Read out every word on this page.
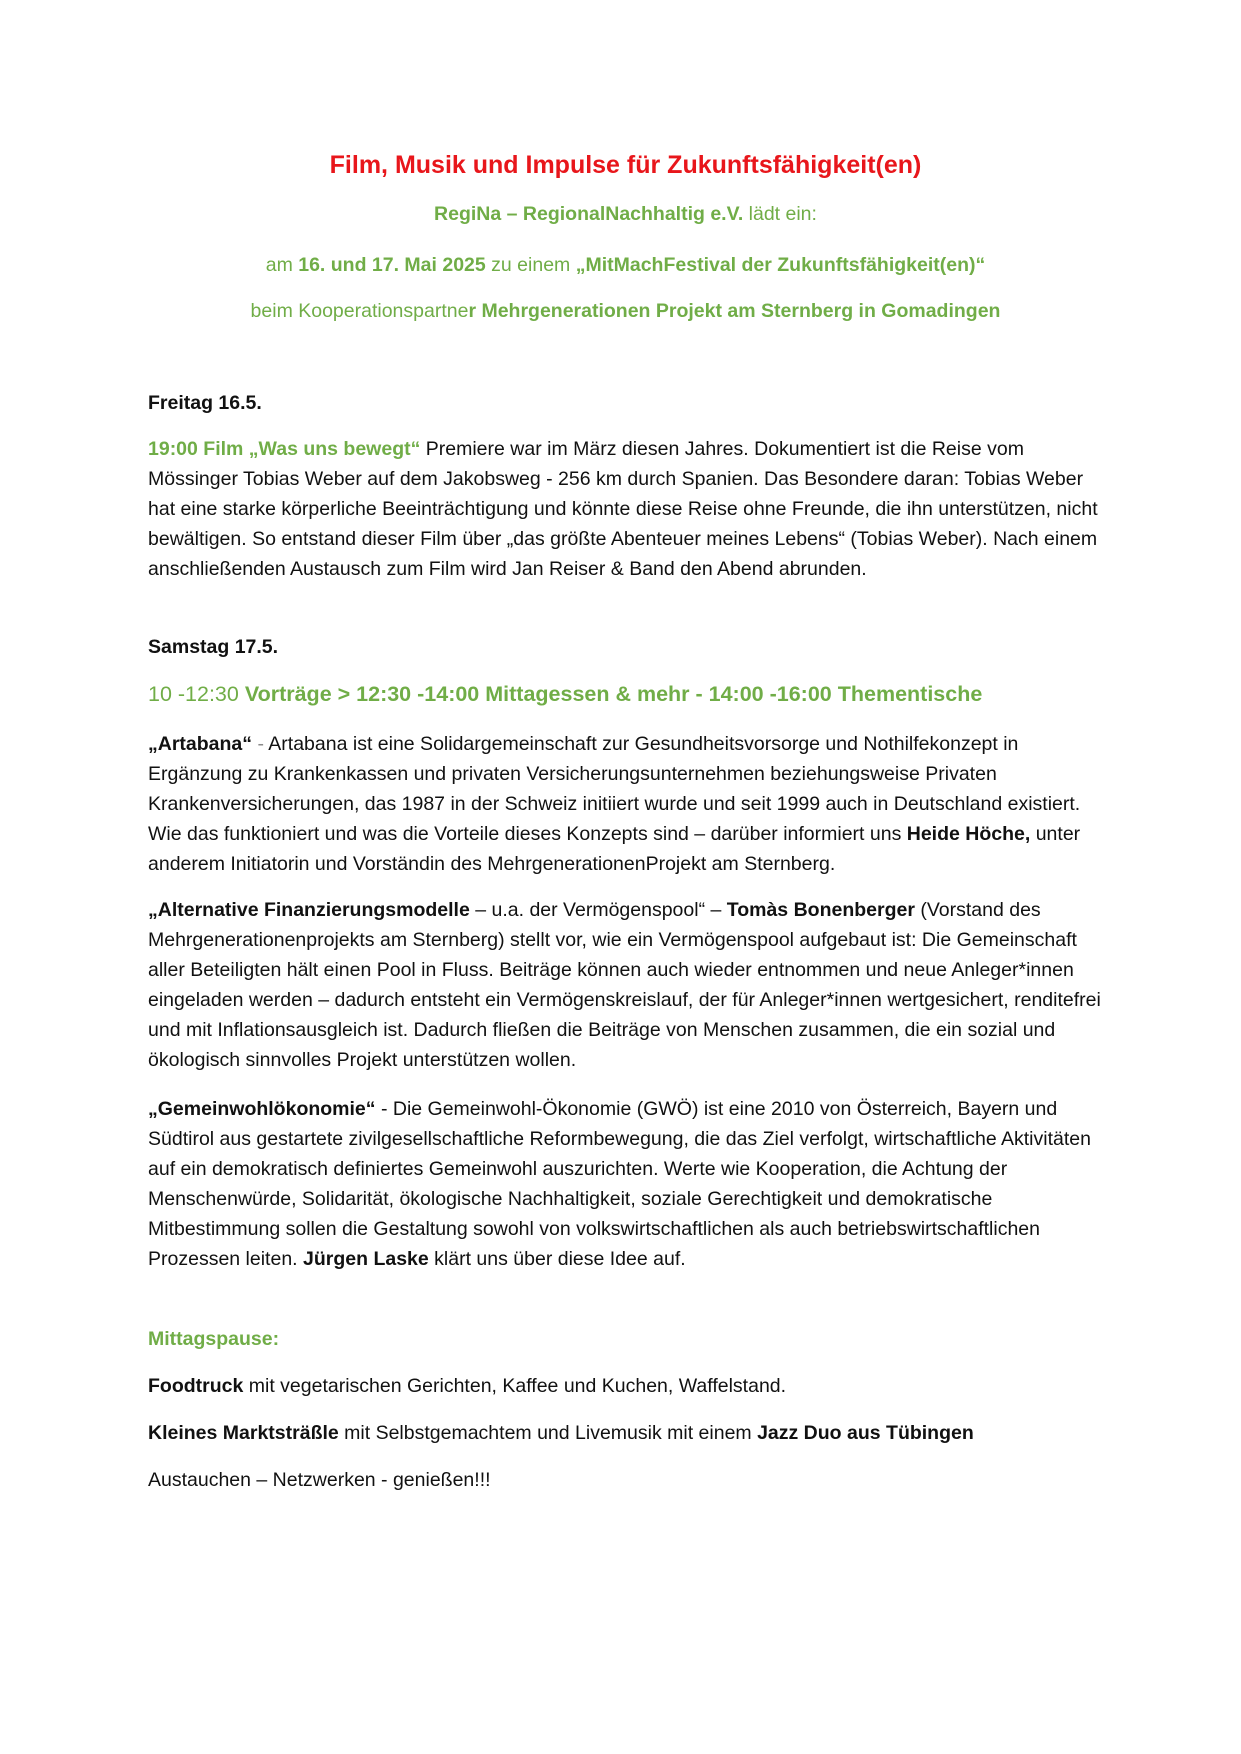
Film, Musik und Impulse für Zukunftsfähigkeit(en)
RegiNa – RegionalNachhaltig e.V. lädt ein:
am 16. und 17. Mai 2025 zu einem „MitMachFestival der Zukunftsfähigkeit(en)“
beim Kooperationspartner Mehrgenerationen Projekt am Sternberg in Gomadingen

Freitag 16.5.

19:00 Film „Was uns bewegt“ Premiere war im März diesen Jahres. Dokumentiert ist die Reise vom Mössinger Tobias Weber auf dem Jakobsweg - 256 km durch Spanien. Das Besondere daran: Tobias Weber hat eine starke körperliche Beeinträchtigung und könnte diese Reise ohne Freunde, die ihn unterstützen, nicht bewältigen. So entstand dieser Film über „das größte Abenteuer meines Lebens“ (Tobias Weber). Nach einem anschließenden Austausch zum Film wird Jan Reiser & Band den Abend abrunden.

Samstag 17.5.

10 -12:30 Vorträge > 12:30 -14:00 Mittagessen & mehr - 14:00 -16:00 Thementische

„Artabana“ - Artabana ist eine Solidargemeinschaft zur Gesundheitsvorsorge und Nothilfekonzept in Ergänzung zu Krankenkassen und privaten Versicherungsunternehmen beziehungsweise Privaten Krankenversicherungen, das 1987 in der Schweiz initiiert wurde und seit 1999 auch in Deutschland existiert. Wie das funktioniert und was die Vorteile dieses Konzepts sind – darüber informiert uns Heide Höche, unter anderem Initiatorin und Vorständin des MehrgenerationenProjekt am Sternberg.

„Alternative Finanzierungsmodelle – u.a. der Vermögenspool“ – Tomàs Bonenberger (Vorstand des Mehrgenerationenprojekts am Sternberg) stellt vor, wie ein Vermögenspool aufgebaut ist: Die Gemeinschaft aller Beteiligten hält einen Pool in Fluss. Beiträge können auch wieder entnommen und neue Anleger*innen eingeladen werden – dadurch entsteht ein Vermögenskreislauf, der für Anleger*innen wertgesichert, renditefrei und mit Inflationsausgleich ist. Dadurch fließen die Beiträge von Menschen zusammen, die ein sozial und ökologisch sinnvolles Projekt unterstützen wollen.

„Gemeinwohlökonomie“ - Die Gemeinwohl-Ökonomie (GWÖ) ist eine 2010 von Österreich, Bayern und Südtirol aus gestartete zivilgesellschaftliche Reformbewegung, die das Ziel verfolgt, wirtschaftliche Aktivitäten auf ein demokratisch definiertes Gemeinwohl auszurichten. Werte wie Kooperation, die Achtung der Menschenwürde, Solidarität, ökologische Nachhaltigkeit, soziale Gerechtigkeit und demokratische Mitbestimmung sollen die Gestaltung sowohl von volkswirtschaftlichen als auch betriebswirtschaftlichen Prozessen leiten. Jürgen Laske klärt uns über diese Idee auf.

Mittagspause:

Foodtruck mit vegetarischen Gerichten, Kaffee und Kuchen, Waffelstand.

Kleines Marktsträßle mit Selbstgemachtem und Livemusik mit einem Jazz Duo aus Tübingen

Austauchen – Netzwerken - genießen!!!
